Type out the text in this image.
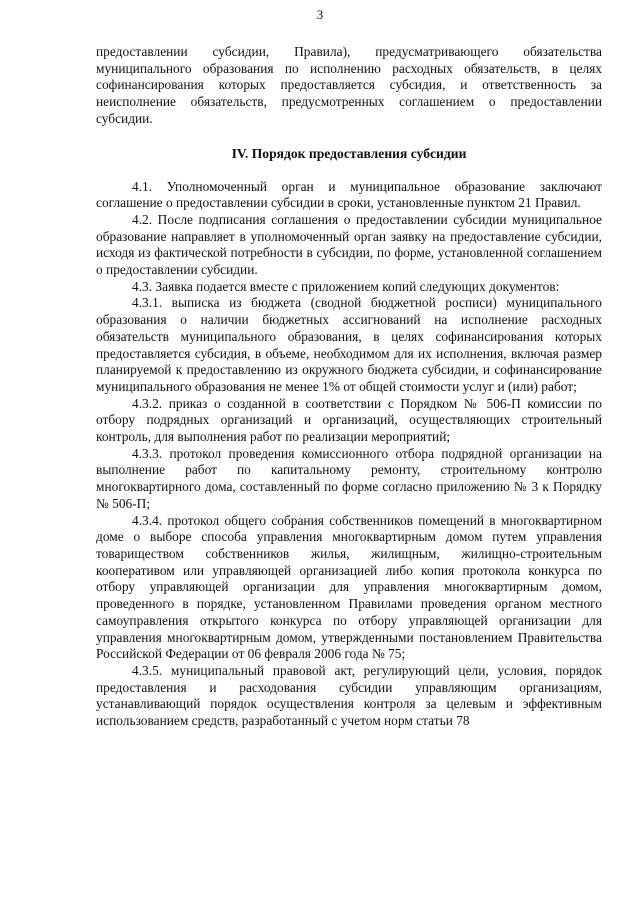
3

предоставлении субсидии, Правила), предусматривающего обязательства муниципального образования по исполнению расходных обязательств, в целях софинансирования которых предоставляется субсидия, и ответственность за неисполнение обязательств, предусмотренных соглашением о предоставлении субсидии.

IV. Порядок предоставления субсидии

4.1. Уполномоченный орган и муниципальное образование заключают соглашение о предоставлении субсидии в сроки, установленные пунктом 21 Правил.

4.2. После подписания соглашения о предоставлении субсидии муниципальное образование направляет в уполномоченный орган заявку на предоставление субсидии, исходя из фактической потребности в субсидии, по форме, установленной соглашением о предоставлении субсидии.

4.3. Заявка подается вместе с приложением копий следующих документов:

4.3.1. выписка из бюджета (сводной бюджетной росписи) муниципального образования о наличии бюджетных ассигнований на исполнение расходных обязательств муниципального образования, в целях софинансирования которых предоставляется субсидия, в объеме, необходимом для их исполнения, включая размер планируемой к предоставлению из окружного бюджета субсидии, и софинансирование муниципального образования не менее 1% от общей стоимости услуг и (или) работ;

4.3.2. приказ о созданной в соответствии с Порядком № 506-П комиссии по отбору подрядных организаций и организаций, осуществляющих строительный контроль, для выполнения работ по реализации мероприятий;

4.3.3. протокол проведения комиссионного отбора подрядной организации на выполнение работ по капитальному ремонту, строительному контролю многоквартирного дома, составленный по форме согласно приложению № 3 к Порядку № 506-П;

4.3.4. протокол общего собрания собственников помещений в многоквартирном доме о выборе способа управления многоквартирным домом путем управления товариществом собственников жилья, жилищным, жилищно-строительным кооперативом или управляющей организацией либо копия протокола конкурса по отбору управляющей организации для управления многоквартирным домом, проведенного в порядке, установленном Правилами проведения органом местного самоуправления открытого конкурса по отбору управляющей организации для управления многоквартирным домом, утвержденными постановлением Правительства Российской Федерации от 06 февраля 2006 года № 75;

4.3.5. муниципальный правовой акт, регулирующий цели, условия, порядок предоставления и расходования субсидии управляющим организациям, устанавливающий порядок осуществления контроля за целевым и эффективным использованием средств, разработанный с учетом норм статьи 78
